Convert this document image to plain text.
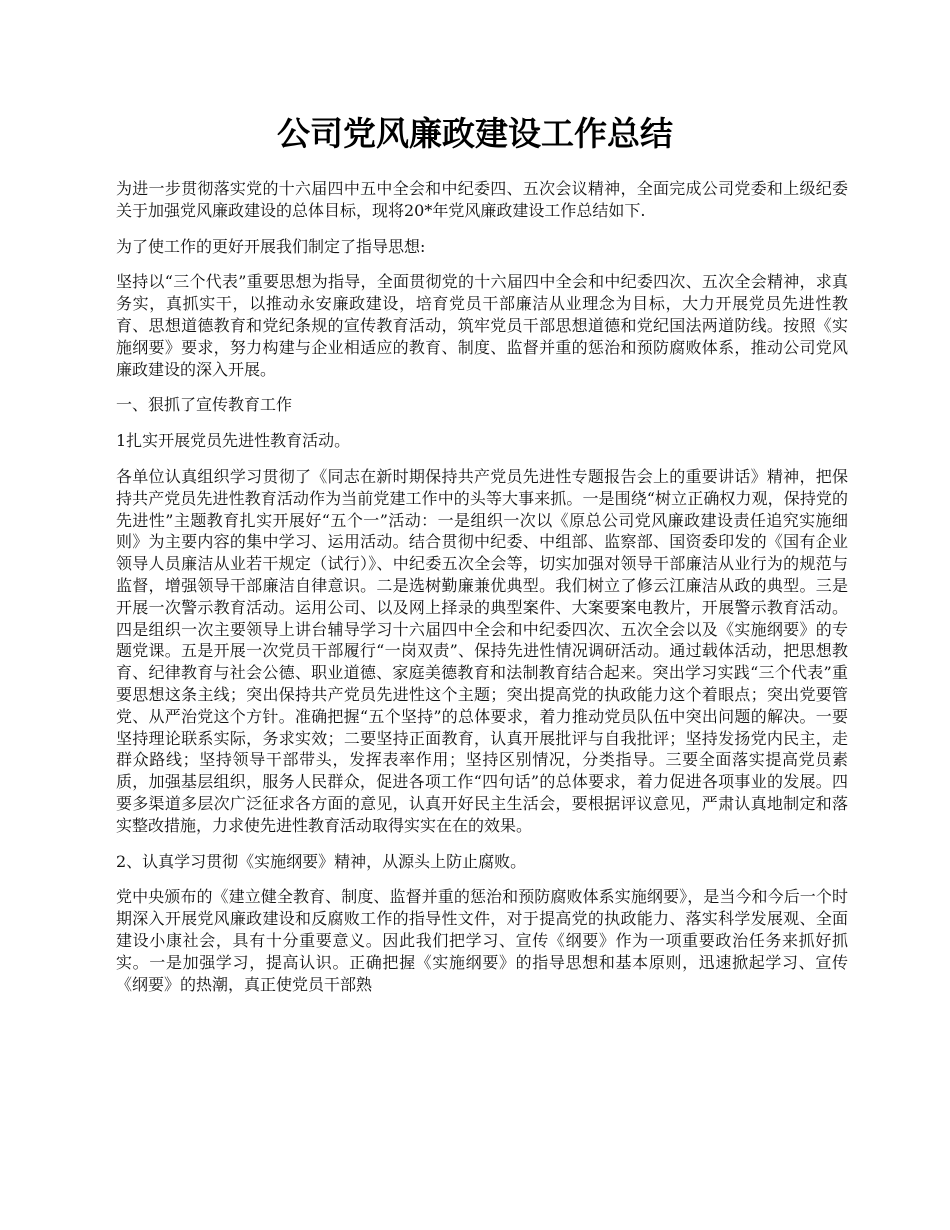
公司党风廉政建设工作总结

为进一步贯彻落实党的十六届四中五中全会和中纪委四、五次会议精神，全面完成公司党委和上级纪委关于加强党风廉政建设的总体目标，现将20*年党风廉政建设工作总结如下.

为了使工作的更好开展我们制定了指导思想:

坚持以“三个代表”重要思想为指导，全面贯彻党的十六届四中全会和中纪委四次、五次全会精神，求真务实，真抓实干，以推动永安廉政建设，培育党员干部廉洁从业理念为目标，大力开展党员先进性教育、思想道德教育和党纪条规的宣传教育活动，筑牢党员干部思想道德和党纪国法两道防线。按照《实施纲要》要求，努力构建与企业相适应的教育、制度、监督并重的惩治和预防腐败体系，推动公司党风廉政建设的深入开展。

一、狠抓了宣传教育工作

1扎实开展党员先进性教育活动。

各单位认真组织学习贯彻了《同志在新时期保持共产党员先进性专题报告会上的重要讲话》精神，把保持共产党员先进性教育活动作为当前党建工作中的头等大事来抓。一是围绕“树立正确权力观，保持党的先进性”主题教育扎实开展好“五个一”活动：一是组织一次以《原总公司党风廉政建设责任追究实施细则》为主要内容的集中学习、运用活动。结合贯彻中纪委、中组部、监察部、国资委印发的《国有企业领导人员廉洁从业若干规定（试行）》、中纪委五次全会等，切实加强对领导干部廉洁从业行为的规范与监督，增强领导干部廉洁自律意识。二是选树勤廉兼优典型。我们树立了修云江廉洁从政的典型。三是开展一次警示教育活动。运用公司、以及网上择录的典型案件、大案要案电教片，开展警示教育活动。四是组织一次主要领导上讲台辅导学习十六届四中全会和中纪委四次、五次全会以及《实施纲要》的专题党课。五是开展一次党员干部履行“一岗双责”、保持先进性情况调研活动。通过载体活动，把思想教育、纪律教育与社会公德、职业道德、家庭美德教育和法制教育结合起来。突出学习实践“三个代表”重要思想这条主线；突出保持共产党员先进性这个主题；突出提高党的执政能力这个着眼点；突出党要管党、从严治党这个方针。准确把握“五个坚持”的总体要求，着力推动党员队伍中突出问题的解决。一要坚持理论联系实际，务求实效；二要坚持正面教育，认真开展批评与自我批评；坚持发扬党内民主，走群众路线；坚持领导干部带头，发挥表率作用；坚持区别情况，分类指导。三要全面落实提高党员素质，加强基层组织，服务人民群众，促进各项工作“四句话”的总体要求，着力促进各项事业的发展。四要多渠道多层次广泛征求各方面的意见，认真开好民主生活会，要根据评议意见，严肃认真地制定和落实整改措施，力求使先进性教育活动取得实实在在的效果。

2、认真学习贯彻《实施纲要》精神，从源头上防止腐败。

党中央颁布的《建立健全教育、制度、监督并重的惩治和预防腐败体系实施纲要》，是当今和今后一个时期深入开展党风廉政建设和反腐败工作的指导性文件，对于提高党的执政能力、落实科学发展观、全面建设小康社会，具有十分重要意义。因此我们把学习、宣传《纲要》作为一项重要政治任务来抓好抓实。一是加强学习，提高认识。正确把握《实施纲要》的指导思想和基本原则，迅速掀起学习、宣传《纲要》的热潮，真正使党员干部熟
